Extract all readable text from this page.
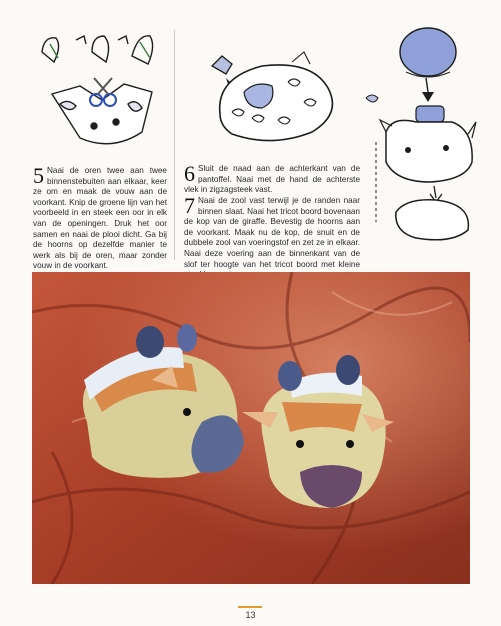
5 Naai de oren twee aan twee binnenstebuiten aan elkaar, keer ze om en maak de vouw aan de voorkant. Knip de groene lijn van het voorbeeld in en steek een oor in elk van de openingen. Druk het oor samen en naai de plooi dicht. Ga bij de hoorns op dezelfde manier te werk als bij de oren, maar zonder vouw in de voorkant.
6 Sluit de naad aan de achterkant van de pantoffel. Naai met de hand de achterste vlek in zigzagsteek vast.
7 Naai de zool vast terwijl je de randen naar binnen slaat. Naai het tricot boord bovenaan de kop van de giraffe. Bevestig de hoorns aan de voorkant. Maak nu de kop, de snuit en de dubbele zool van voeringstof en zet ze in elkaar. Naai deze voering aan de binnenkant van de slof ter hoogte van het tricot boord met kleine
13
